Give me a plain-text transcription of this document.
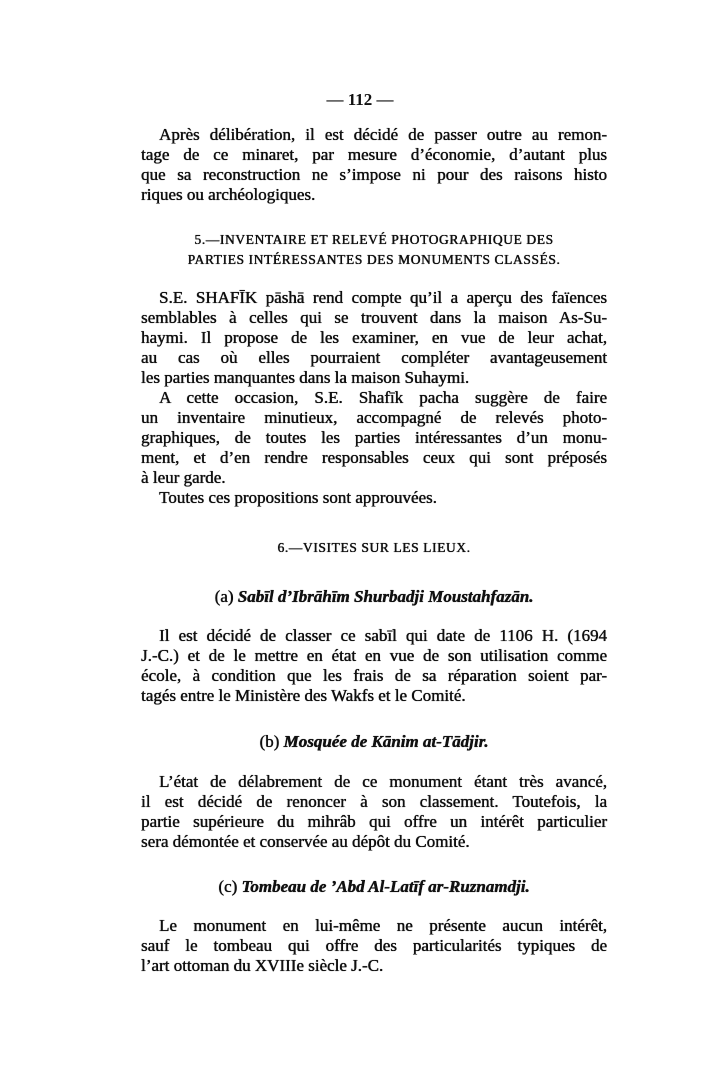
— 112 —
Après délibération, il est décidé de passer outre au remon-
tage de ce minaret, par mesure d’économie, d’autant plus
que sa reconstruction ne s’impose ni pour des raisons histo
riques ou archéologiques.
5.—INVENTAIRE ET RELEVÉ PHOTOGRAPHIQUE DES
PARTIES INTÉRESSANTES DES MONUMENTS CLASSÉS.
S.E. SHAFĪK pāshā rend compte qu’il a aperçu des faïences
semblables à celles qui se trouvent dans la maison As-Su-
haymi. Il propose de les examiner, en vue de leur achat,
au cas où elles pourraient compléter avantageusement
les parties manquantes dans la maison Suhaymi.
A cette occasion, S.E. Shafīk pacha suggère de faire
un inventaire minutieux, accompagné de relevés photo-
graphiques, de toutes les parties intéressantes d’un monu-
ment, et d’en rendre responsables ceux qui sont préposés
à leur garde.
Toutes ces propositions sont approuvées.
6.—VISITES SUR LES LIEUX.
(a) Sabīl d’Ibrāhīm Shurbadji Moustahfazān.
Il est décidé de classer ce sabīl qui date de 1106 H. (1694
J.-C.) et de le mettre en état en vue de son utilisation comme
école, à condition que les frais de sa réparation soient par-
tagés entre le Ministère des Wakfs et le Comité.
(b) Mosquée de Kānim at-Tādjir.
L’état de délabrement de ce monument étant très avancé,
il est décidé de renoncer à son classement. Toutefois, la
partie supérieure du mihrâb qui offre un intérêt particulier
sera démontée et conservée au dépôt du Comité.
(c) Tombeau de ’Abd Al-Latīf ar-Ruznamdji.
Le monument en lui-même ne présente aucun intérêt,
sauf le tombeau qui offre des particularités typiques de
l’art ottoman du XVIIIe siècle J.-C.
